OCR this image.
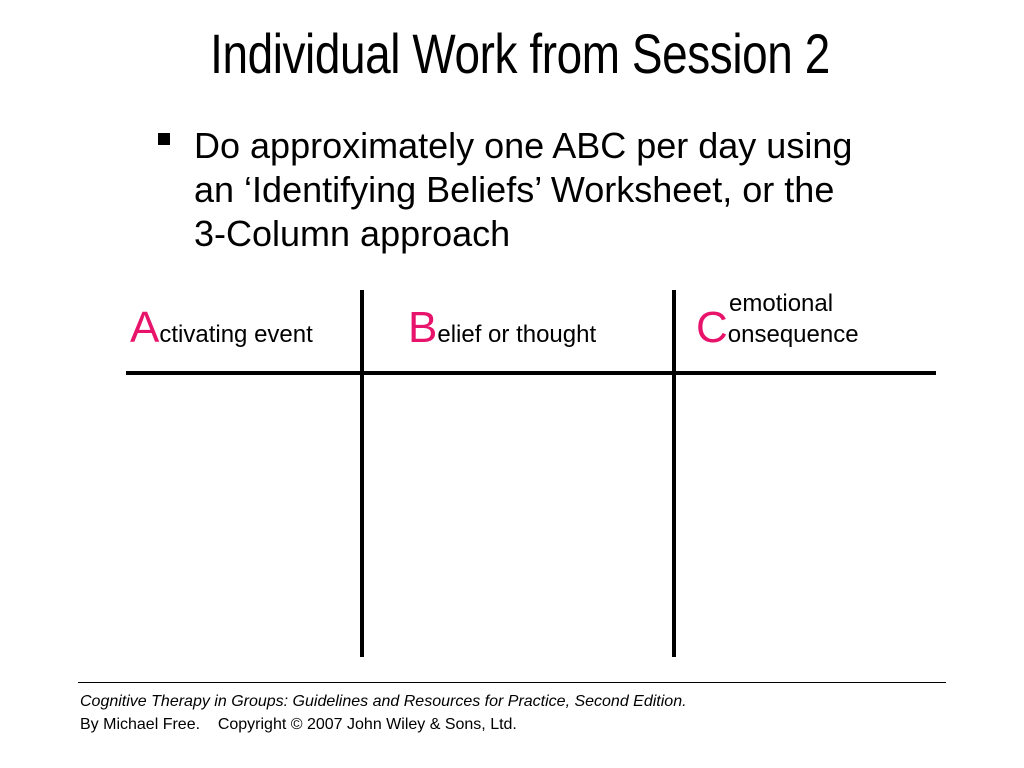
Individual Work from Session 2
Do approximately one ABC per day using
an ‘Identifying Beliefs’ Worksheet, or the
3-Column approach
Activating event Belief or thought
emotional
Consequence
Cognitive Therapy in Groups: Guidelines and Resources for Practice, Second Edition.
By Michael Free.    Copyright © 2007 John Wiley & Sons, Ltd.
